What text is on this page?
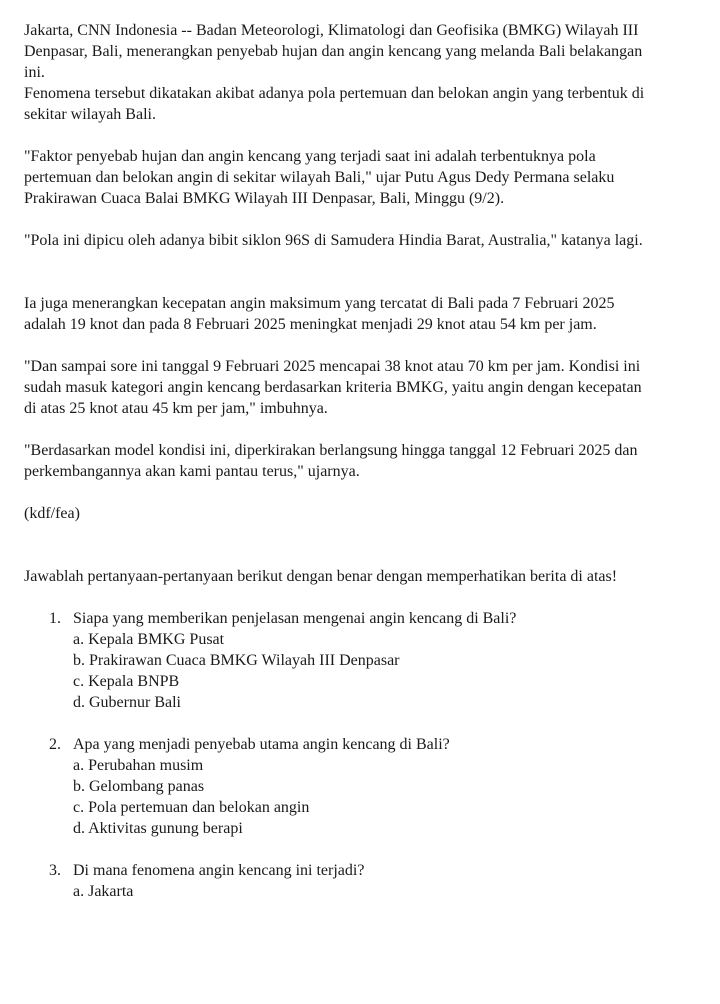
Jakarta, CNN Indonesia -- Badan Meteorologi, Klimatologi dan Geofisika (BMKG) Wilayah III
Denpasar, Bali, menerangkan penyebab hujan dan angin kencang yang melanda Bali belakangan
ini.
Fenomena tersebut dikatakan akibat adanya pola pertemuan dan belokan angin yang terbentuk di
sekitar wilayah Bali.
"Faktor penyebab hujan dan angin kencang yang terjadi saat ini adalah terbentuknya pola
pertemuan dan belokan angin di sekitar wilayah Bali," ujar Putu Agus Dedy Permana selaku
Prakirawan Cuaca Balai BMKG Wilayah III Denpasar, Bali, Minggu (9/2).
"Pola ini dipicu oleh adanya bibit siklon 96S di Samudera Hindia Barat, Australia," katanya lagi.
Ia juga menerangkan kecepatan angin maksimum yang tercatat di Bali pada 7 Februari 2025
adalah 19 knot dan pada 8 Februari 2025 meningkat menjadi 29 knot atau 54 km per jam.
"Dan sampai sore ini tanggal 9 Februari 2025 mencapai 38 knot atau 70 km per jam. Kondisi ini
sudah masuk kategori angin kencang berdasarkan kriteria BMKG, yaitu angin dengan kecepatan
di atas 25 knot atau 45 km per jam," imbuhnya.
"Berdasarkan model kondisi ini, diperkirakan berlangsung hingga tanggal 12 Februari 2025 dan
perkembangannya akan kami pantau terus," ujarnya.
(kdf/fea)
Jawablah pertanyaan-pertanyaan berikut dengan benar dengan memperhatikan berita di atas!
1. Siapa yang memberikan penjelasan mengenai angin kencang di Bali?
a. Kepala BMKG Pusat
b. Prakirawan Cuaca BMKG Wilayah III Denpasar
c. Kepala BNPB
d. Gubernur Bali
2. Apa yang menjadi penyebab utama angin kencang di Bali?
a. Perubahan musim
b. Gelombang panas
c. Pola pertemuan dan belokan angin
d. Aktivitas gunung berapi
3. Di mana fenomena angin kencang ini terjadi?
a. Jakarta
